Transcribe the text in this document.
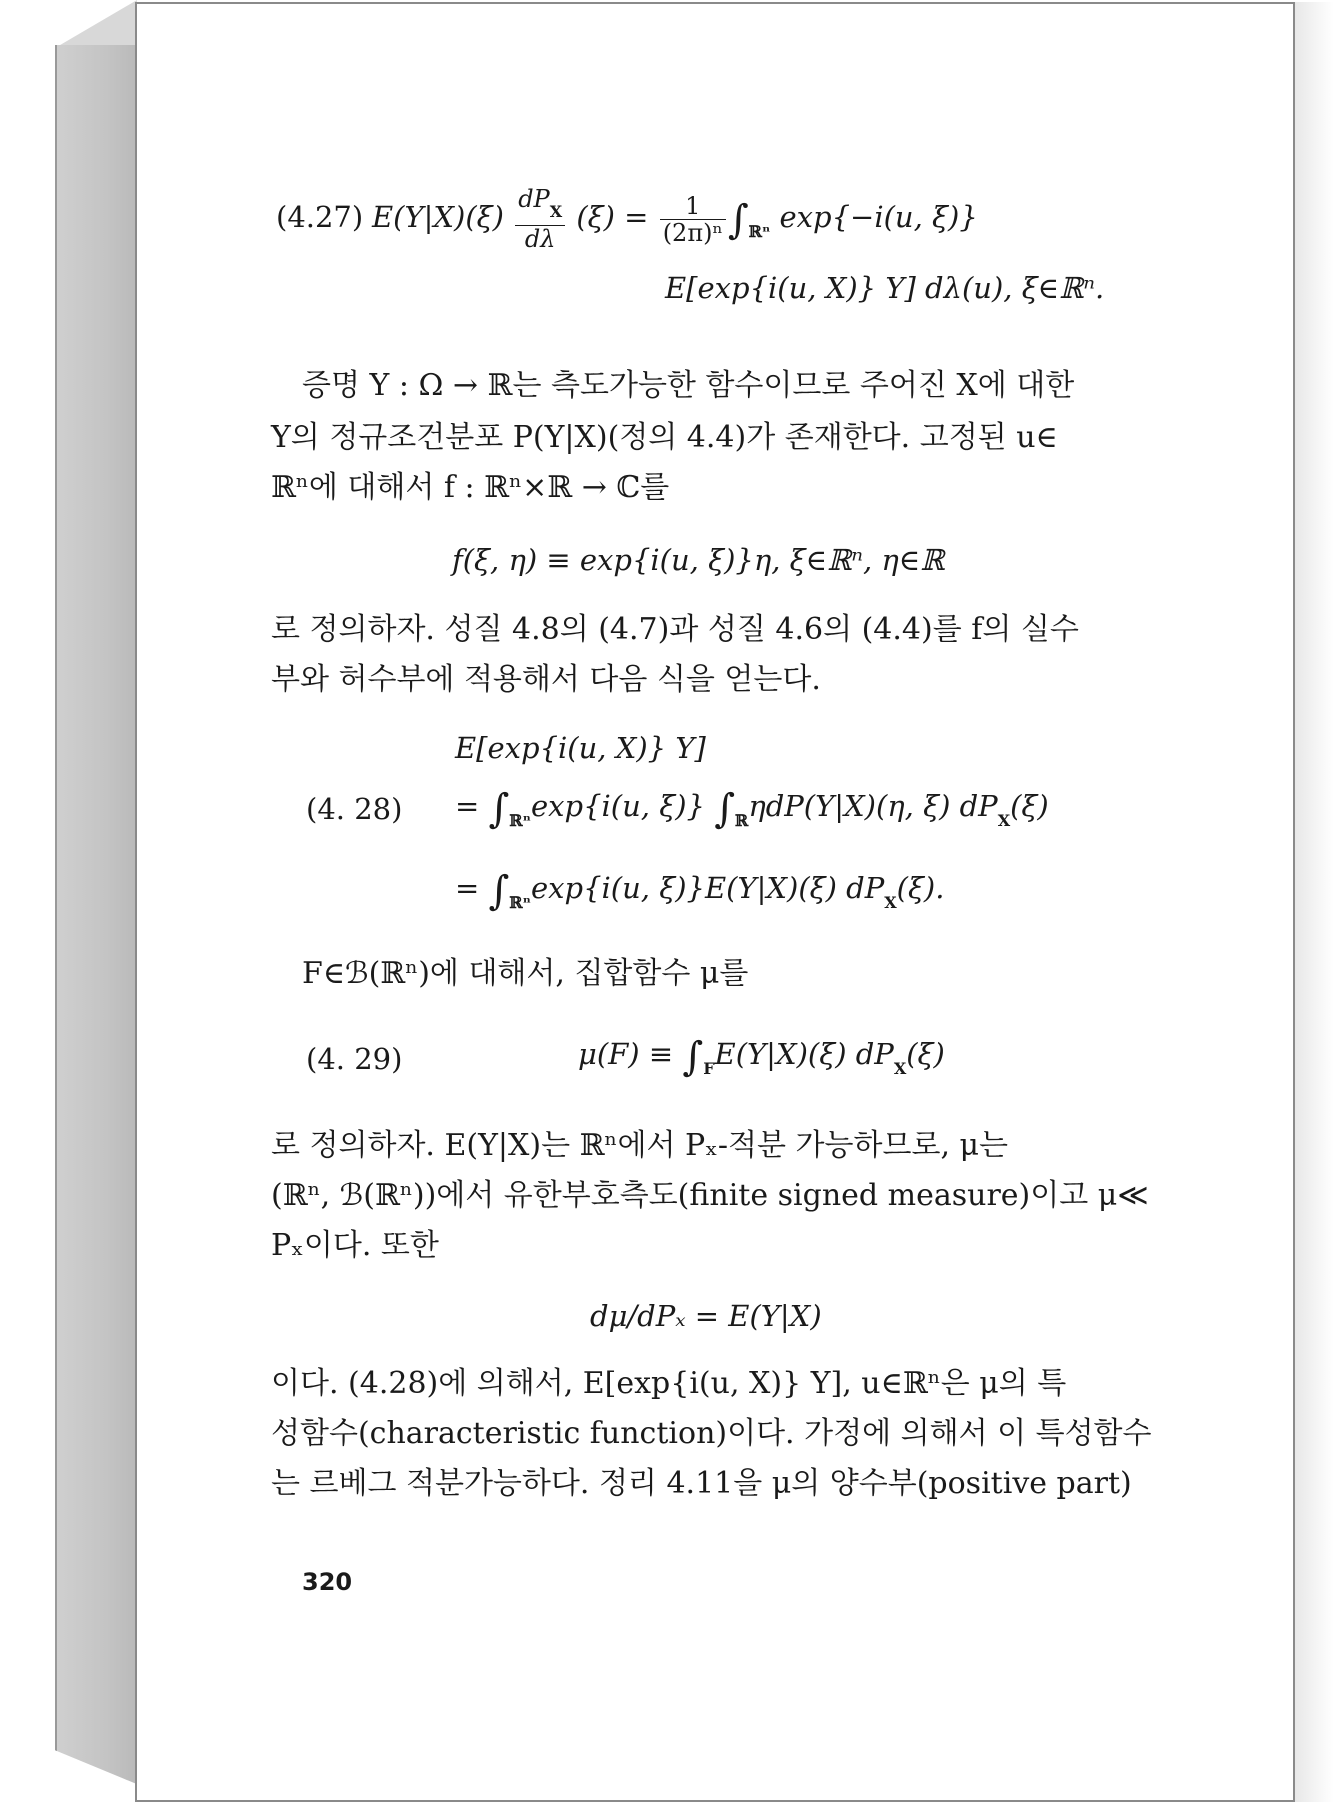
(4.27) $E(Y|X)(\xi) \frac{dP_X}{d\lambda} (\xi) = \frac{1}{\text{(2π)ⁿ}} \int_{ℝ^n}$ exp{−i(u, ξ)}
E[exp{i(u, X)} Y] dλ(u), ξ∈ℝⁿ.
증명 Y : Ω → ℝ는 측도가능한 함수이므로 주어진 X에 대한
Y의 정규조건분포 P(Y|X)(정의 4.4)가 존재한다. 고정된 u∈
ℝⁿ에 대해서 f : ℝⁿ×ℝ → ℂ를
f(ξ, η) ≡ exp{i(u, ξ)}η, ξ∈ℝⁿ, η∈ℝ
로 정의하자. 성질 4.8의 (4.7)과 성질 4.6의 (4.4)를 f의 실수
부와 허수부에 적용해서 다음 식을 얻는다.
E[exp{i(u, X)} Y]
(4. $28) = \int_{ℝ^n}\exp\{i(u$, ξ)} $\int_ℝ\eta dP(Y|X)(\eta$, ξ) $dP_X(\xi)$
= $\int_{ℝ^n}\exp\{i(u$, ξ)}E(Y|X)(ξ) $dP_X(\xi)$.
F∈ℬ(ℝⁿ)에 대해서, 집합함수 μ를
(4. 29)	$\mu(F) \equiv \int_FE(Y|X)(\xi)$ $dP_X(\xi)$
로 정의하자. E(Y|X)는 ℝⁿ에서 Pₓ-적분 가능하므로, μ는
(ℝⁿ, ℬ(ℝⁿ))에서 유한부호측도(finite signed measure)이고 μ≪
Pₓ이다. 또한
dμ/dPₓ = E(Y|X)
이다. (4.28)에 의해서, E[exp{i(u, X)} Y], u∈ℝⁿ은 μ의 특
성함수(characteristic function)이다. 가정에 의해서 이 특성함수
는 르베그 적분가능하다. 정리 4.11을 μ의 양수부(positive part)
320
